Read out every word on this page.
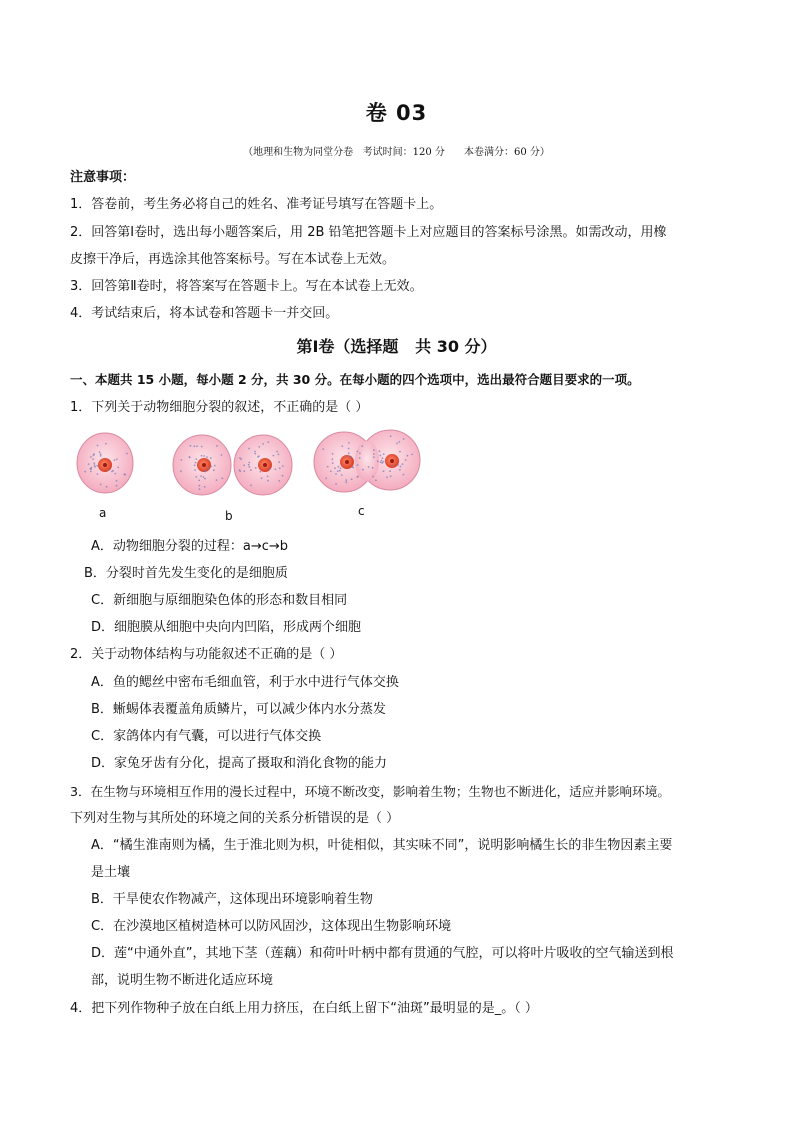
卷 03
（地理和生物为同堂分卷   考试时间：120 分      本卷满分：60 分）
注意事项：
1．答卷前，考生务必将自己的姓名、准考证号填写在答题卡上。
2．回答第Ⅰ卷时，选出每小题答案后，用 2B 铅笔把答题卡上对应题目的答案标号涂黑。如需改动，用橡
皮擦干净后，再选涂其他答案标号。写在本试卷上无效。
3．回答第Ⅱ卷时，将答案写在答题卡上。写在本试卷上无效。
4．考试结束后，将本试卷和答题卡一并交回。
第Ⅰ卷（选择题   共 30 分）
一、本题共 15 小题，每小题 2 分，共 30 分。在每小题的四个选项中，选出最符合题目要求的一项。
1．下列关于动物细胞分裂的叙述，不正确的是（ ）
a	b	c
A．动物细胞分裂的过程：a→c→b
B．分裂时首先发生变化的是细胞质
C．新细胞与原细胞染色体的形态和数目相同
D．细胞膜从细胞中央向内凹陷，形成两个细胞
2．关于动物体结构与功能叙述不正确的是（ ）
A．鱼的鳃丝中密布毛细血管，利于水中进行气体交换
B．蜥蜴体表覆盖角质鳞片，可以减少体内水分蒸发
C．家鸽体内有气囊，可以进行气体交换
D．家兔牙齿有分化，提高了摄取和消化食物的能力
3．在生物与环境相互作用的漫长过程中，环境不断改变，影响着生物；生物也不断进化，适应并影响环境。
下列对生物与其所处的环境之间的关系分析错误的是（ ）
A．“橘生淮南则为橘，生于淮北则为枳，叶徒相似，其实味不同”，说明影响橘生长的非生物因素主要
是土壤
B．干旱使农作物减产，这体现出环境影响着生物
C．在沙漠地区植树造林可以防风固沙，这体现出生物影响环境
D．莲“中通外直”，其地下茎（莲藕）和荷叶叶柄中都有贯通的气腔，可以将叶片吸收的空气输送到根
部，说明生物不断进化适应环境
4．把下列作物种子放在白纸上用力挤压，在白纸上留下“油斑”最明显的是_。（ ）
